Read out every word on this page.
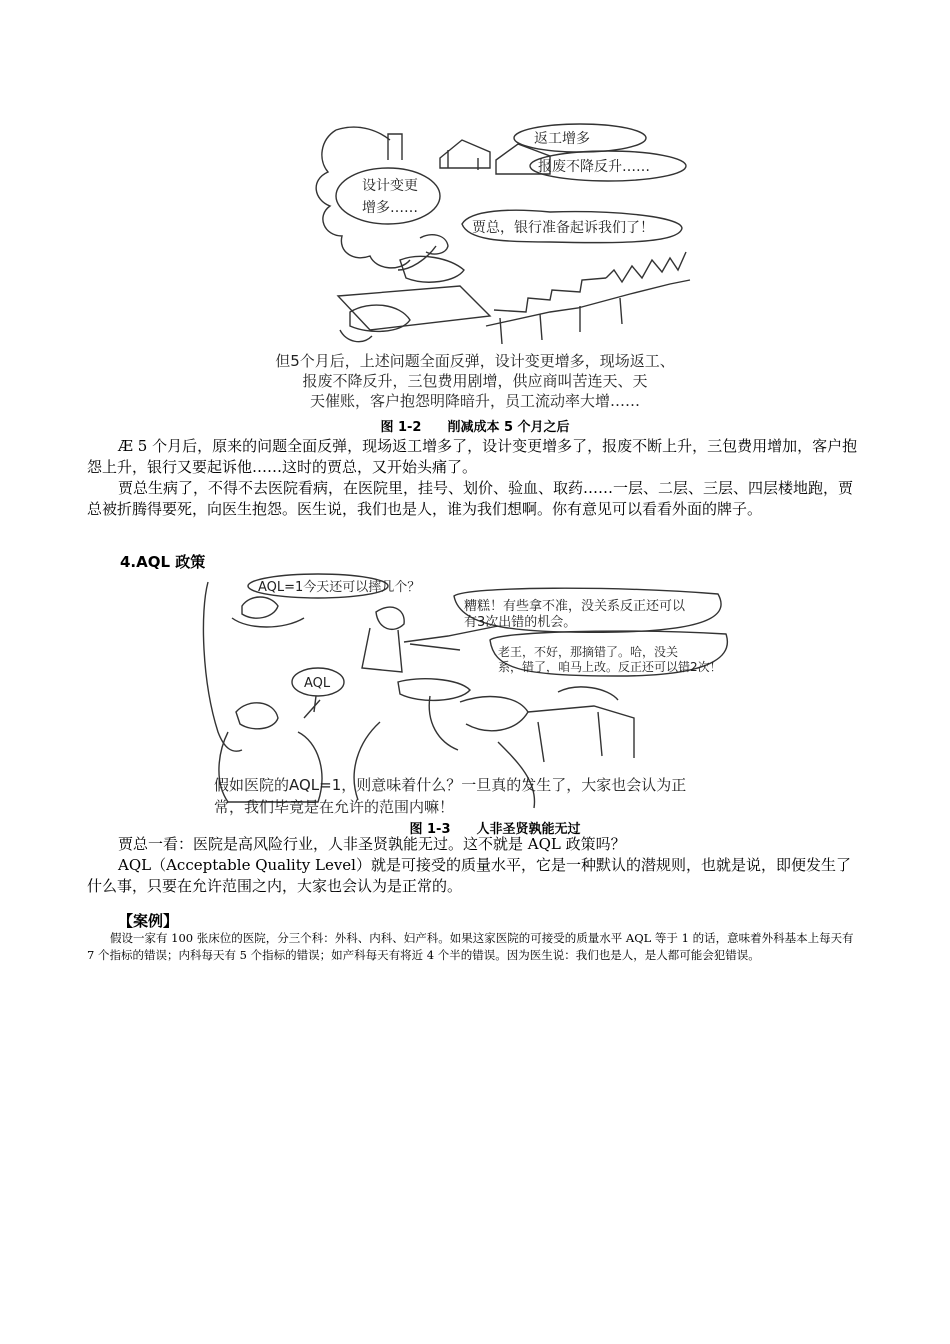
返工增多
报废不降反升……
设计变更
增多……
贾总，银行准备起诉我们了！
但5个月后，上述问题全面反弹，设计变更增多，现场返工、
报废不降反升，三包费用剧增，供应商叫苦连天、天
天催账，客户抱怨明降暗升，员工流动率大增……
图 1-2　　削减成本 5 个月之后

Æ 5 个月后，原来的问题全面反弹，现场返工增多了，设计变更增多了，报废不断上升，三包费用增加，客户抱怨上升，银行又要起诉他……这时的贾总，又开始头痛了。

贾总生病了，不得不去医院看病，在医院里，挂号、划价、验血、取药……一层、二层、三层、四层楼地跑，贾总被折腾得要死，向医生抱怨。医生说，我们也是人，谁为我们想啊。你有意见可以看看外面的牌子。

4.AQL 政策
AQL=1今天还可以摔几个？
糟糕！有些拿不准，没关系反正还可以
有3次出错的机会。
老王，不好，那摘错了。哈，没关
系，错了，咱马上改。反正还可以错2次！
AQL
假如医院的AQL=1，则意味着什么？一旦真的发生了，大家也会认为正
常，我们毕竟是在允许的范围内嘛！
图 1-3　　人非圣贤孰能无过

贾总一看：医院是高风险行业，人非圣贤孰能无过。这不就是 AQL 政策吗？

AQL（Acceptable Quality Level）就是可接受的质量水平，它是一种默认的潜规则，也就是说，即便发生了什么事，只要在允许范围之内，大家也会认为是正常的。

【案例】

假设一家有 100 张床位的医院，分三个科：外科、内科、妇产科。如果这家医院的可接受的质量水平 AQL 等于 1 的话，意味着外科基本上每天有 7 个指标的错误；内科每天有 5 个指标的错误；如产科每天有将近 4 个半的错误。因为医生说：我们也是人，是人都可能会犯错误。
